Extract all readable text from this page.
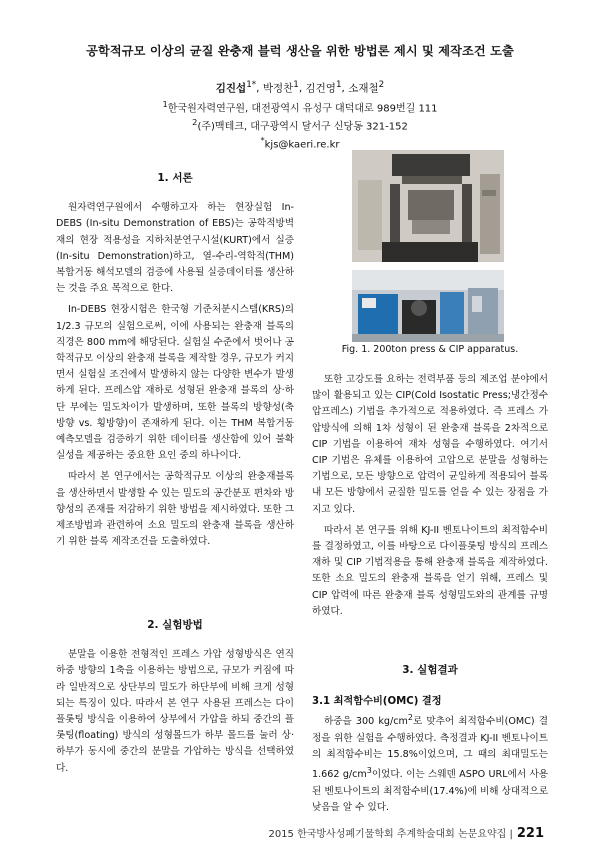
공학적규모 이상의 균질 완충재 블럭 생산을 위한 방법론 제시 및 제작조건 도출
김진섭$^{1*}$, 박정찬$^1$, 김건영$^1$, 소재철$^2$
$^1$한국원자력연구원, 대전광역시 유성구 대덕대로 989번길 111
$^2$(주)맥테크, 대구광역시 달서구 신당동 321-152
*kjs@kaeri.re.kr

1. 서론

원자력연구원에서 수행하고자 하는 현장실험 In-DEBS (In-situ Demonstration of EBS)는 공학적방벽재의 현장 적용성을 지하처분연구시설(KURT)에서 실증(In-situ Demonstration)하고, 열-수리-역학적(THM) 복합거동 해석모델의 검증에 사용될 실증데이터를 생산하는 것을 주요 목적으로 한다.

In-DEBS 현장시험은 한국형 기준처분시스템(KRS)의 1/2.3 규모의 실험으로써, 이에 사용되는 완충재 블록의 직경은 800 mm에 해당된다. 실험실 수준에서 벗어나 공학적규모 이상의 완충재 블록을 제작할 경우, 규모가 커지면서 실험실 조건에서 발생하지 않는 다양한 변수가 발생하게 된다. 프레스압 재하로 성형된 완충재 블록의 상·하단 부에는 밀도차이가 발생하며, 또한 블록의 방향성(축방향 vs. 횡방향)이 존재하게 된다. 이는 THM 복합거동 예측모델을 검증하기 위한 데이터를 생산함에 있어 불확실성을 제공하는 중요한 요인 중의 하나이다.

따라서 본 연구에서는 공학적규모 이상의 완충재블록을 생산하면서 발생할 수 있는 밀도의 공간분포 편차와 방향성의 존재를 저감하기 위한 방법을 제시하였다. 또한 그 제조방법과 관련하여 소요 밀도의 완충재 블록을 생산하기 위한 블록 제작조건을 도출하였다.

2. 실험방법

분말을 이용한 전형적인 프레스 가압 성형방식은 연직하중 방향의 1축을 이용하는 방법으로, 규모가 커짐에 따라 일반적으로 상단부의 밀도가 하단부에 비해 크게 성형되는 특징이 있다. 따라서 본 연구 사용된 프레스는 다이 플롯팅 방식을 이용하여 상부에서 가압을 하되 중간의 플롯팅(floating) 방식의 성형몰드가 하부 몰드를 눌러 상·하부가 동시에 중간의 분말을 가압하는 방식을 선택하였다.

Fig. 1. 200ton press & CIP apparatus.

또한 고강도를 요하는 전력부품 등의 제조업 분야에서 많이 활용되고 있는 CIP(Cold Isostatic Press;냉간정수압프레스) 기법을 추가적으로 적용하였다. 즉 프레스 가압방식에 의해 1차 성형이 된 완충재 블록을 2차적으로 CIP 기법을 이용하여 재차 성형을 수행하였다. 여기서 CIP 기법은 유체를 이용하여 고압으로 분말을 성형하는 기법으로, 모든 방향으로 압력이 균일하게 적용되어 블록 내 모든 방향에서 균질한 밀도를 얻을 수 있는 장점을 가지고 있다.

따라서 본 연구를 위해 KJ-II 벤토나이트의 최적함수비를 결정하였고, 이를 바탕으로 다이플롯팅 방식의 프레스 재하 및 CIP 기법적용을 통해 완충재 블록을 제작하였다. 또한 소요 밀도의 완충재 블록을 얻기 위해, 프레스 및 CIP 압력에 따른 완충재 블록 성형밀도와의 관계를 규명하였다.

3. 실험결과

3.1 최적함수비(OMC) 결정

하중을 300 $kg/cm^2$로 맞추어 최적함수비(OMC) 결정을 위한 실험을 수행하였다. 측정결과 KJ-II 벤토나이트의 최적함수비는 15.8%이었으며, 그 때의 최대밀도는 1.662 $g/cm^3$이었다. 이는 스웨덴 ASPO URL에서 사용된 벤토나이트의 최적함수비(17.4%)에 비해 상대적으로 낮음을 알 수 있다.

2015 한국방사성폐기물학회 추계학술대회 논문요약집 | 221
